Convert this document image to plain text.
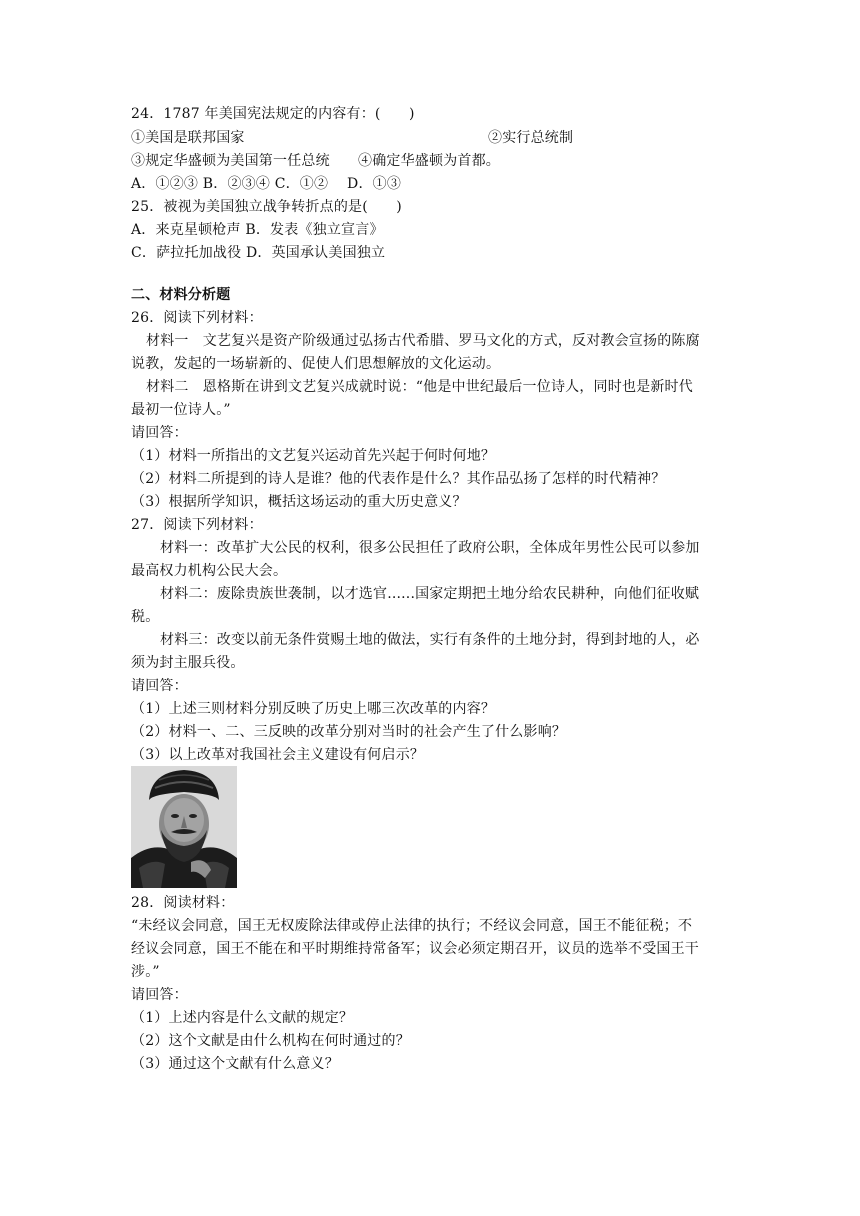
24．1787 年美国宪法规定的内容有：(　　)
①美国是联邦国家	②实行总统制
③规定华盛顿为美国第一任总统 ④确定华盛顿为首都。
A．①②③ B．②③④ C．①②　 D．①③
25．被视为美国独立战争转折点的是(　　)
A．来克星顿枪声 B．发表《独立宣言》
C．萨拉托加战役 D．英国承认美国独立
二、材料分析题
26．阅读下列材料：
材料一　文艺复兴是资产阶级通过弘扬古代希腊、罗马文化的方式，反对教会宣扬的陈腐
说教，发起的一场崭新的、促使人们思想解放的文化运动。
材料二　恩格斯在讲到文艺复兴成就时说：“他是中世纪最后一位诗人，同时也是新时代
最初一位诗人。”
请回答：
（1）材料一所指出的文艺复兴运动首先兴起于何时何地？
（2）材料二所提到的诗人是谁？他的代表作是什么？其作品弘扬了怎样的时代精神？
（3）根据所学知识，概括这场运动的重大历史意义？
27．阅读下列材料：
材料一：改革扩大公民的权利，很多公民担任了政府公职，全体成年男性公民可以参加
最高权力机构公民大会。
材料二：废除贵族世袭制，以才选官......国家定期把土地分给农民耕种，向他们征收赋
税。
材料三：改变以前无条件赏赐土地的做法，实行有条件的土地分封，得到封地的人，必
须为封主服兵役。
请回答：
（1）上述三则材料分别反映了历史上哪三次改革的内容？
（2）材料一、二、三反映的改革分别对当时的社会产生了什么影响？
（3）以上改革对我国社会主义建设有何启示？
28．阅读材料：
“未经议会同意，国王无权废除法律或停止法律的执行；不经议会同意，国王不能征税；不
经议会同意，国王不能在和平时期维持常备军；议会必须定期召开，议员的选举不受国王干
涉。”
请回答：
（1）上述内容是什么文献的规定？
（2）这个文献是由什么机构在何时通过的？
（3）通过这个文献有什么意义？
